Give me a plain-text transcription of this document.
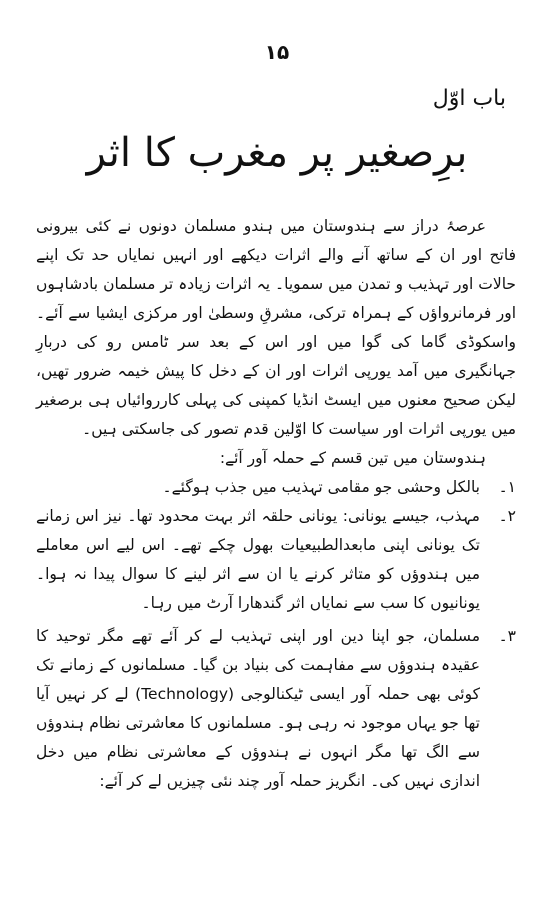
۱۵
باب اوّل
برِصغیر پر مغرب کا اثر

عرصۂ دراز سے ہندوستان میں ہندو مسلمان دونوں نے کئی بیرونی فاتح اور ان کے ساتھ آنے والے اثرات دیکھے اور انہیں نمایاں حد تک اپنے حالات اور تہذیب و تمدن میں سمویا۔ یہ اثرات زیادہ تر مسلمان بادشاہوں اور فرمانرواؤں کے ہمراہ ترکی، مشرقِ وسطیٰ اور مرکزی ایشیا سے آئے۔ واسکوڈی گاما کی گوا میں اور اس کے بعد سر ٹامس رو کی دربارِ جہانگیری میں آمد یورپی اثرات اور ان کے دخل کا پیش خیمہ ضرور تھیں، لیکن صحیح معنوں میں ایسٹ انڈیا کمپنی کی پہلی کارروائیاں ہی برصغیر میں یورپی اثرات اور سیاست کا اوّلین قدم تصور کی جاسکتی ہیں۔

ہندوستان میں تین قسم کے حملہ آور آئے:

۱۔
بالکل وحشی جو مقامی تہذیب میں جذب ہوگئے۔
۲۔
مہذب، جیسے یونانی: یونانی حلقہ اثر بہت محدود تھا۔ نیز اس زمانے تک یونانی اپنی مابعدالطبیعیات بھول چکے تھے۔ اس لیے اس معاملے میں ہندوؤں کو متاثر کرنے یا ان سے اثر لینے کا سوال پیدا نہ ہوا۔ یونانیوں کا سب سے نمایاں اثر گندھارا آرٹ میں رہا۔
۳۔
مسلمان، جو اپنا دین اور اپنی تہذیب لے کر آئے تھے مگر توحید کا عقیدہ ہندوؤں سے مفاہمت کی بنیاد بن گیا۔ مسلمانوں کے زمانے تک کوئی بھی حملہ آور ایسی ٹیکنالوجی (Technology) لے کر نہیں آیا تھا جو یہاں موجود نہ رہی ہو۔ مسلمانوں کا معاشرتی نظام ہندوؤں سے الگ تھا مگر انہوں نے ہندوؤں کے معاشرتی نظام میں دخل اندازی نہیں کی۔ انگریز حملہ آور چند نئی چیزیں لے کر آئے:
